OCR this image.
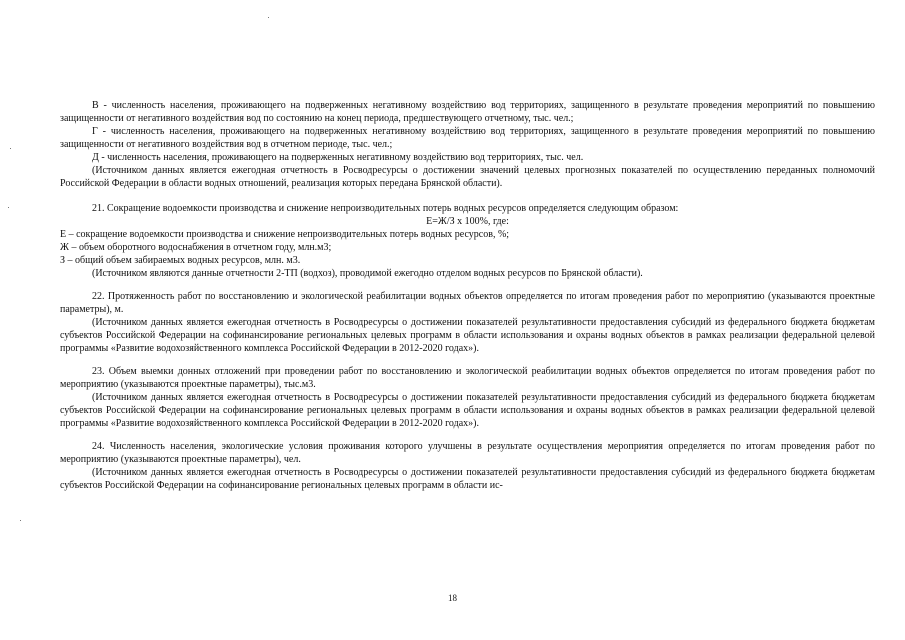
В - численность населения, проживающего на подверженных негативному воздействию вод территориях, защищенного в результате проведения мероприятий по повышению защищенности от негативного воздействия вод по состоянию на конец периода, предшествующего отчетному, тыс. чел.;

Г - численность населения, проживающего на подверженных негативному воздействию вод территориях, защищенного в результате проведения мероприятий по повышению защищенности от негативного воздействия вод в отчетном периоде, тыс. чел.;

Д - численность населения, проживающего на подверженных негативному воздействию вод территориях, тыс. чел.

(Источником данных является ежегодная отчетность в Росводресурсы о достижении значений целевых прогнозных показателей по осуществлению переданных полномочий Российской Федерации в области водных отношений, реализация которых передана Брянской области).

21. Сокращение водоемкости производства и снижение непроизводительных потерь водных ресурсов определяется следующим образом:

Е=Ж/З х 100%, где:

Е – сокращение водоемкости производства и снижение непроизводительных потерь водных ресурсов, %;

Ж – объем оборотного водоснабжения в отчетном году, млн.м3;

З – общий объем забираемых водных ресурсов, млн. м3.

(Источником являются данные отчетности 2-ТП (водхоз), проводимой ежегодно отделом водных ресурсов по Брянской области).

22. Протяженность работ по восстановлению и экологической реабилитации водных объектов определяется по итогам проведения работ по мероприятию (указываются проектные параметры), м.

(Источником данных является ежегодная отчетность в Росводресурсы о достижении показателей результативности предоставления субсидий из федерального бюджета бюджетам субъектов Российской Федерации на софинансирование региональных целевых программ в области использования и охраны водных объектов в рамках реализации федеральной целевой программы «Развитие водохозяйственного комплекса Российской Федерации в 2012-2020 годах»).

23. Объем выемки донных отложений при проведении работ по восстановлению и экологической реабилитации водных объектов определяется по итогам проведения работ по мероприятию (указываются проектные параметры), тыс.м3.

(Источником данных является ежегодная отчетность в Росводресурсы о достижении показателей результативности предоставления субсидий из федерального бюджета бюджетам субъектов Российской Федерации на софинансирование региональных целевых программ в области использования и охраны водных объектов в рамках реализации федеральной целевой программы «Развитие водохозяйственного комплекса Российской Федерации в 2012-2020 годах»).

24. Численность населения, экологические условия проживания которого улучшены в результате осуществления мероприятия определяется по итогам проведения работ по мероприятию (указываются проектные параметры), чел.

(Источником данных является ежегодная отчетность в Росводресурсы о достижении показателей результативности предоставления субсидий из федерального бюджета бюджетам субъектов Российской Федерации на софинансирование региональных целевых программ в области ис-

18
